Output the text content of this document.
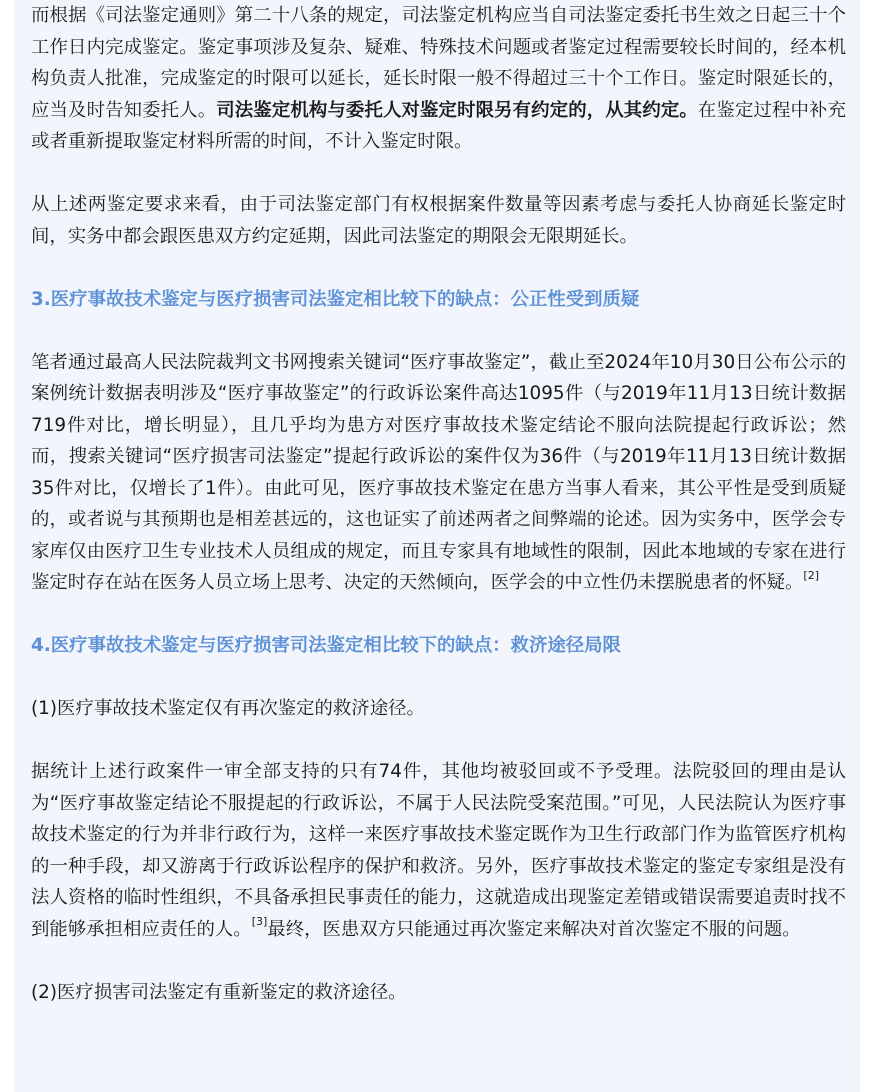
而根据《司法鉴定通则》第二十八条的规定，司法鉴定机构应当自司法鉴定委托书生效之日起三十个工作日内完成鉴定。鉴定事项涉及复杂、疑难、特殊技术问题或者鉴定过程需要较长时间的，经本机构负责人批准，完成鉴定的时限可以延长，延长时限一般不得超过三十个工作日。鉴定时限延长的，应当及时告知委托人。司法鉴定机构与委托人对鉴定时限另有约定的，从其约定。在鉴定过程中补充或者重新提取鉴定材料所需的时间，不计入鉴定时限。

从上述两鉴定要求来看，由于司法鉴定部门有权根据案件数量等因素考虑与委托人协商延长鉴定时间，实务中都会跟医患双方约定延期，因此司法鉴定的期限会无限期延长。

3.医疗事故技术鉴定与医疗损害司法鉴定相比较下的缺点：公正性受到质疑

笔者通过最高人民法院裁判文书网搜索关键词“医疗事故鉴定”，截止至2024年10月30日公布公示的案例统计数据表明涉及“医疗事故鉴定”的行政诉讼案件高达1095件（与2019年11月13日统计数据719件对比，增长明显），且几乎均为患方对医疗事故技术鉴定结论不服向法院提起行政诉讼；然而，搜索关键词“医疗损害司法鉴定”提起行政诉讼的案件仅为36件（与2019年11月13日统计数据35件对比，仅增长了1件）。由此可见，医疗事故技术鉴定在患方当事人看来，其公平性是受到质疑的，或者说与其预期也是相差甚远的，这也证实了前述两者之间弊端的论述。因为实务中，医学会专家库仅由医疗卫生专业技术人员组成的规定，而且专家具有地域性的限制，因此本地域的专家在进行鉴定时存在站在医务人员立场上思考、决定的天然倾向，医学会的中立性仍未摆脱患者的怀疑。[2]

4.医疗事故技术鉴定与医疗损害司法鉴定相比较下的缺点：救济途径局限

(1)医疗事故技术鉴定仅有再次鉴定的救济途径。

据统计上述行政案件一审全部支持的只有74件，其他均被驳回或不予受理。法院驳回的理由是认为“医疗事故鉴定结论不服提起的行政诉讼，不属于人民法院受案范围。”可见，人民法院认为医疗事故技术鉴定的行为并非行政行为，这样一来医疗事故技术鉴定既作为卫生行政部门作为监管医疗机构的一种手段，却又游离于行政诉讼程序的保护和救济。另外，医疗事故技术鉴定的鉴定专家组是没有法人资格的临时性组织，不具备承担民事责任的能力，这就造成出现鉴定差错或错误需要追责时找不到能够承担相应责任的人。[3]最终，医患双方只能通过再次鉴定来解决对首次鉴定不服的问题。

(2)医疗损害司法鉴定有重新鉴定的救济途径。
